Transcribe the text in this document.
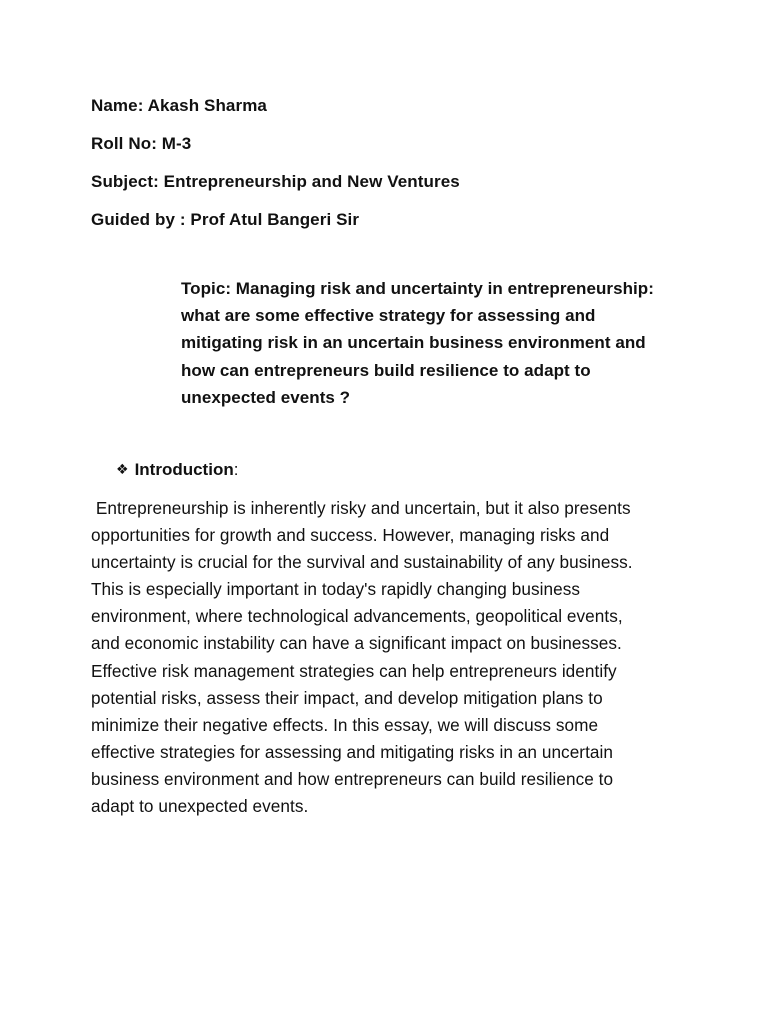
Name: Akash Sharma
Roll No: M-3
Subject: Entrepreneurship and New Ventures
Guided by : Prof Atul Bangeri Sir
Topic: Managing risk and uncertainty in entrepreneurship:
what are some effective strategy for assessing and
mitigating risk in an uncertain business environment and
how can entrepreneurs build resilience to adapt to
unexpected events ?
❖ Introduction:
Entrepreneurship is inherently risky and uncertain, but it also presents
opportunities for growth and success. However, managing risks and
uncertainty is crucial for the survival and sustainability of any business.
This is especially important in today's rapidly changing business
environment, where technological advancements, geopolitical events,
and economic instability can have a significant impact on businesses.
Effective risk management strategies can help entrepreneurs identify
potential risks, assess their impact, and develop mitigation plans to
minimize their negative effects. In this essay, we will discuss some
effective strategies for assessing and mitigating risks in an uncertain
business environment and how entrepreneurs can build resilience to
adapt to unexpected events.
